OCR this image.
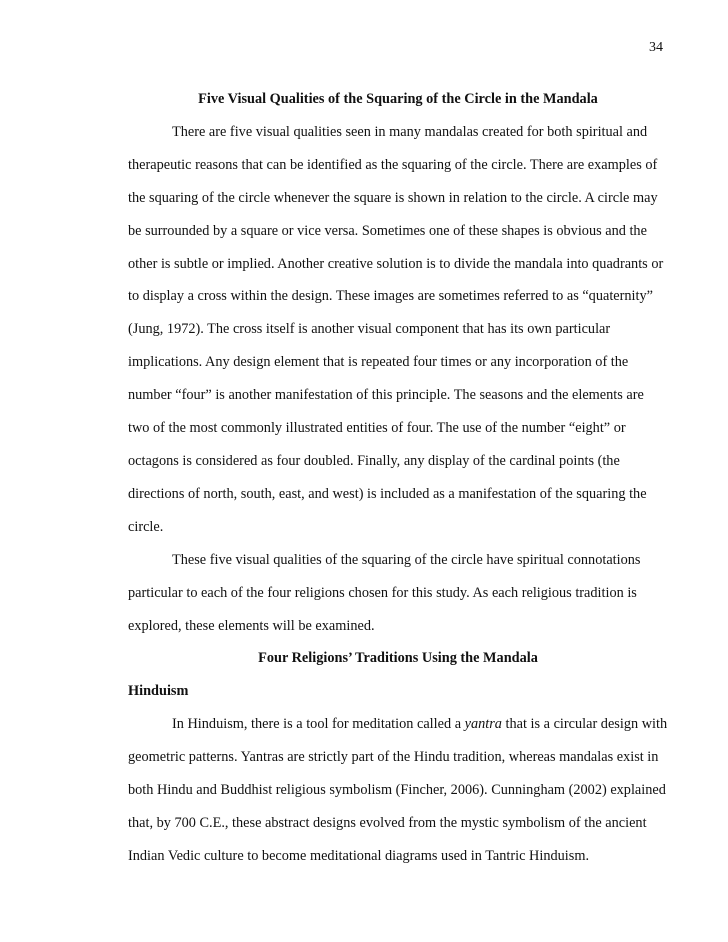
34

Five Visual Qualities of the Squaring of the Circle in the Mandala

There are five visual qualities seen in many mandalas created for both spiritual and therapeutic reasons that can be identified as the squaring of the circle. There are examples of the squaring of the circle whenever the square is shown in relation to the circle. A circle may be surrounded by a square or vice versa. Sometimes one of these shapes is obvious and the other is subtle or implied. Another creative solution is to divide the mandala into quadrants or to display a cross within the design. These images are sometimes referred to as “quaternity” (Jung, 1972). The cross itself is another visual component that has its own particular implications. Any design element that is repeated four times or any incorporation of the number “four” is another manifestation of this principle. The seasons and the elements are two of the most commonly illustrated entities of four. The use of the number “eight” or octagons is considered as four doubled. Finally, any display of the cardinal points (the directions of north, south, east, and west) is included as a manifestation of the squaring the circle.

These five visual qualities of the squaring of the circle have spiritual connotations particular to each of the four religions chosen for this study. As each religious tradition is explored, these elements will be examined.

Four Religions’ Traditions Using the Mandala

Hinduism

In Hinduism, there is a tool for meditation called a yantra that is a circular design with geometric patterns. Yantras are strictly part of the Hindu tradition, whereas mandalas exist in both Hindu and Buddhist religious symbolism (Fincher, 2006). Cunningham (2002) explained that, by 700 C.E., these abstract designs evolved from the mystic symbolism of the ancient Indian Vedic culture to become meditational diagrams used in Tantric Hinduism.
